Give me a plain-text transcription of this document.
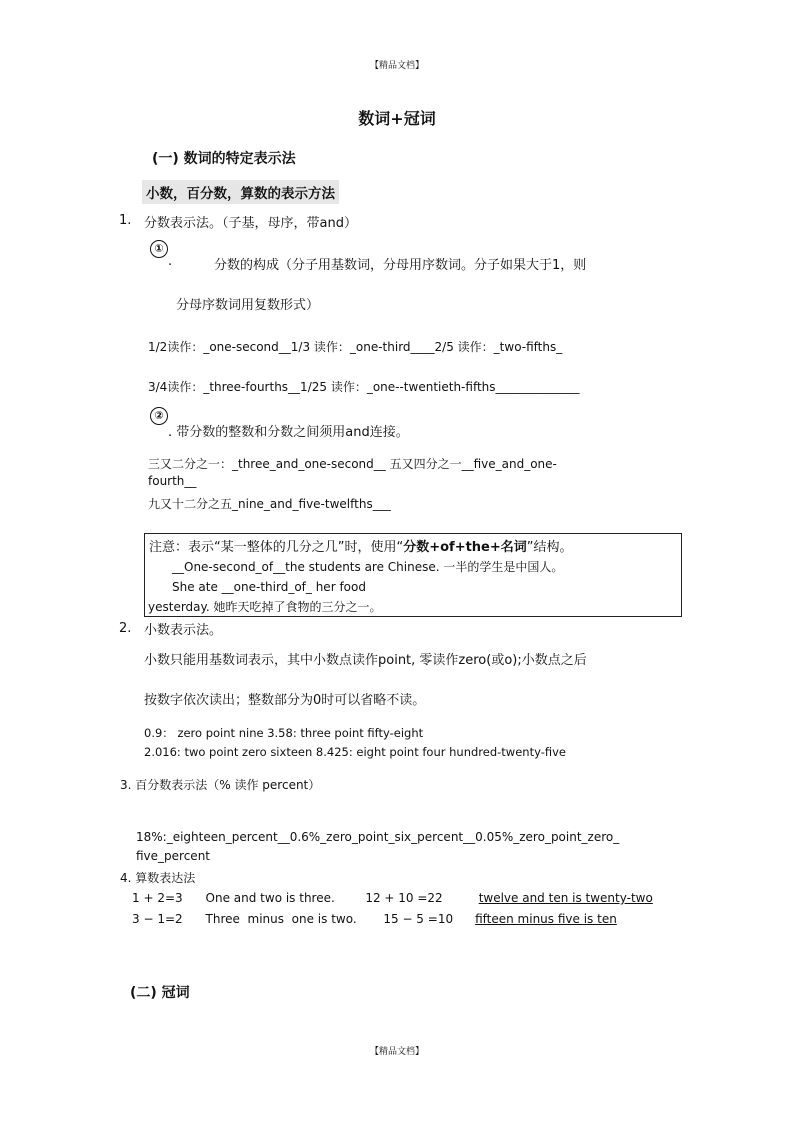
【精品文档】
数词+冠词
(一) 数词的特定表示法
小数，百分数，算数的表示方法
1. 分数表示法。（子基，母序，带and）
①
.	分数的构成（分子用基数词，分母用序数词。分子如果大于1，则
分母序数词用复数形式）
1/2读作：_one-second__1/3 读作：_one-third____2/5 读作：_two-fifths_
3/4读作：_three-fourths__1/25 读作：_one--twentieth-fifths______________
②
. 带分数的整数和分数之间须用and连接。
三又二分之一：_three_and_one-second__ 五又四分之一__five_and_one-
fourth__
九又十二分之五_nine_and_five-twelfths___
注意：表示“某一整体的几分之几”时，使用“分数+of+the+名词”结构。
__One-second_of__the students are Chinese. 一半的学生是中国人。
She ate __one-third_of_ her food
yesterday. 她昨天吃掉了食物的三分之一。
2. 小数表示法。
小数只能用基数词表示，其中小数点读作point, 零读作zero(或o);小数点之后
按数字依次读出；整数部分为0时可以省略不读。
0.9： zero point nine 3.58: three point fifty-eight
2.016: two point zero sixteen 8.425: eight point four hundred-twenty-five
3. 百分数表示法（% 读作 percent）
18%:_eighteen_percent__0.6%_zero_point_six_percent__0.05%_zero_point_zero_
five_percent
4. 算数表达法
1 + 2=3      One and two is three.        12 + 10 =22	twelve and ten is twenty-two
3 − 1=2      Three  minus  one is two.       15 − 5 =10 fifteen minus five is ten
(二) 冠词
【精品文档】
